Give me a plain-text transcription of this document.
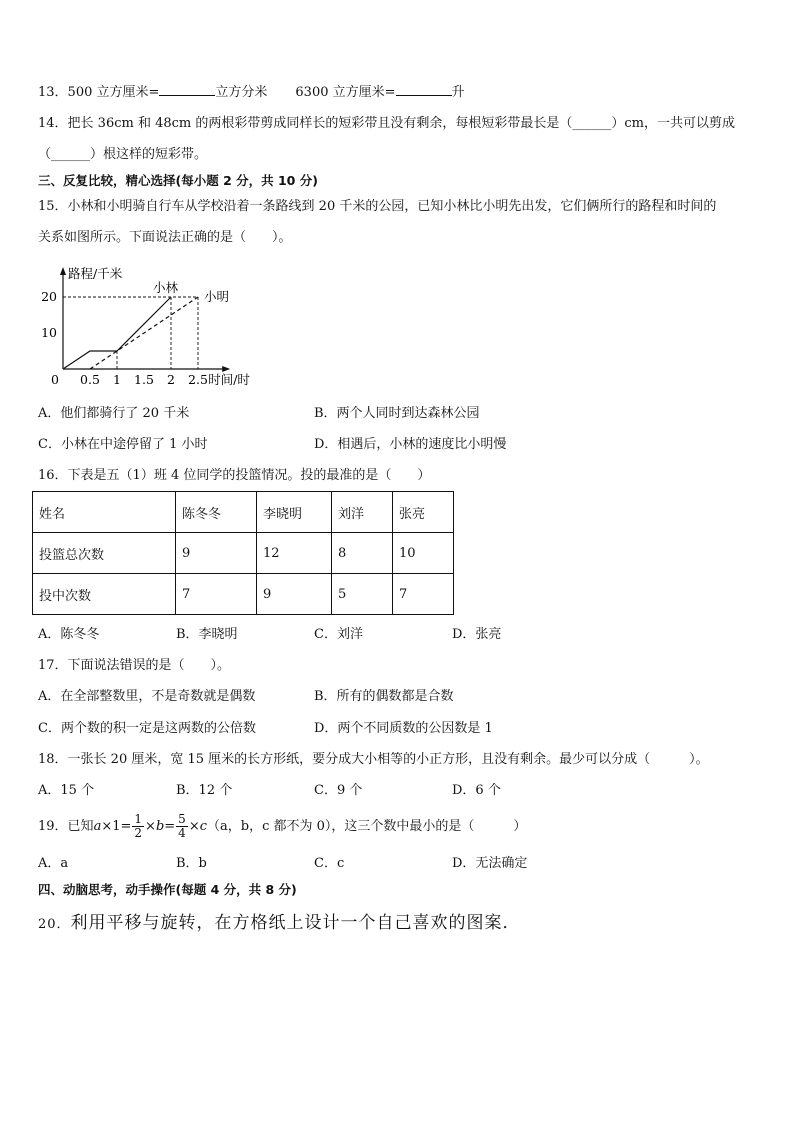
13．500 立方厘米=	立方分米 6300 立方厘米=	升
14．把长 36cm 和 48cm 的两根彩带剪成同样长的短彩带且没有剩余，每根短彩带最长是（______）cm，一共可以剪成
（______）根这样的短彩带。
三、反复比较，精心选择(每小题 2 分，共 10 分)
15．小林和小明骑自行车从学校沿着一条路线到 20 千米的公园，已知小林比小明先出发，它们俩所行的路程和时间的
关系如图所示。下面说法正确的是（　　）。
路程/千米
时间/时
0 0.5 1 1.5 2 2.5
10
20
小林
小明
A．他们都骑行了 20 千米	B．两个人同时到达森林公园
C．小林在中途停留了 1 小时	D．相遇后，小林的速度比小明慢
16．下表是五（1）班 4 位同学的投篮情况。投的最准的是（　　）
姓名	陈冬冬	李晓明	刘洋	张亮
投篮总次数	9	12	8	10
投中次数	7	9	5	7
A．陈冬冬	B．李晓明	C．刘洋	D．张亮
17．下面说法错误的是（　　）。
A．在全部整数里，不是奇数就是偶数	B．所有的偶数都是合数
C．两个数的积一定是这两数的公倍数	D．两个不同质数的公因数是 1
18．一张长 20 厘米，宽 15 厘米的长方形纸，要分成大小相等的小正方形，且没有剩余。最少可以分成（　　　）。
A．15 个	B．12 个	C．9 个	D．6 个
19．已知$a\times 1= \frac{1}{2} \times b= \frac{5}{4} \times c(a$，b，c 都不为 0），这三个数中最小的是（　　　）
A．a	B．b	C．c	D．无法确定
四、动脑思考，动手操作(每题 4 分，共 8 分)
20．利用平移与旋转，在方格纸上设计一个自己喜欢的图案．
